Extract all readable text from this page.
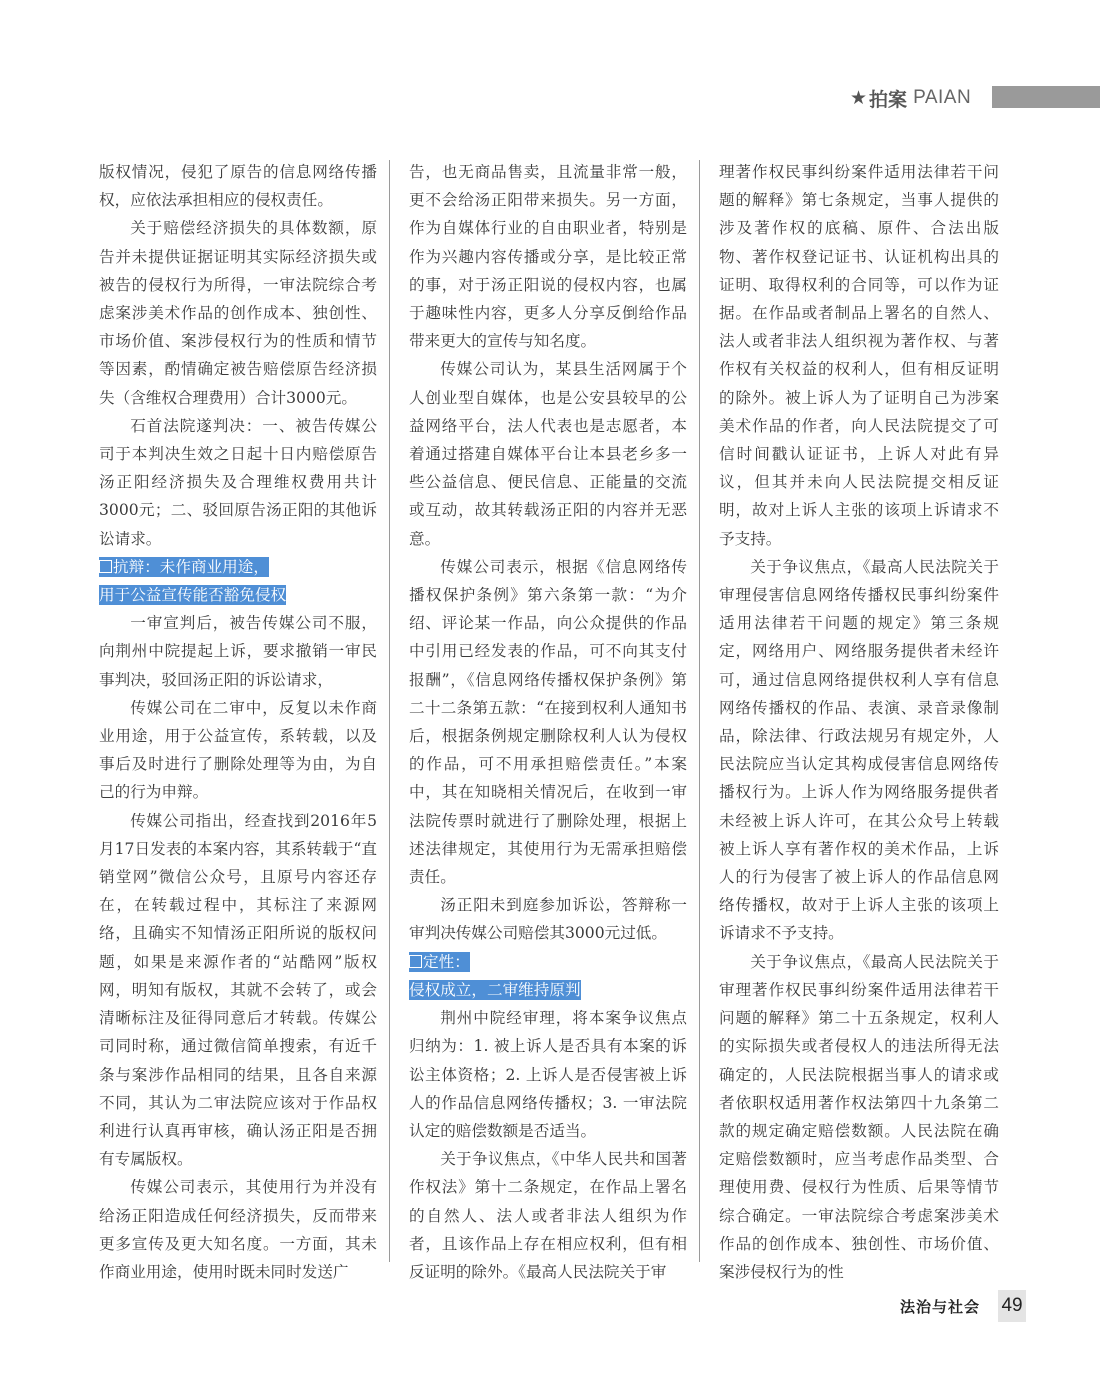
★ 拍案 PAIAN

版权情况，侵犯了原告的信息网络传播权，应依法承担相应的侵权责任。

关于赔偿经济损失的具体数额，原告并未提供证据证明其实际经济损失或被告的侵权行为所得，一审法院综合考虑案涉美术作品的创作成本、独创性、市场价值、案涉侵权行为的性质和情节等因素，酌情确定被告赔偿原告经济损失（含维权合理费用）合计3000元。

石首法院遂判决：一、被告传媒公司于本判决生效之日起十日内赔偿原告汤正阳经济损失及合理维权费用共计3000元；二、驳回原告汤正阳的其他诉讼请求。

抗辩：未作商业用途，
用于公益宣传能否豁免侵权

一审宣判后，被告传媒公司不服，向荆州中院提起上诉，要求撤销一审民事判决，驳回汤正阳的诉讼请求，

传媒公司在二审中，反复以未作商业用途，用于公益宣传，系转载，以及事后及时进行了删除处理等为由，为自己的行为申辩。

传媒公司指出，经查找到2016年5月17日发表的本案内容，其系转载于“直销堂网”微信公众号，且原号内容还存在，在转载过程中，其标注了来源网络，且确实不知情汤正阳所说的版权问题，如果是来源作者的“站酷网”版权网，明知有版权，其就不会转了，或会清晰标注及征得同意后才转载。传媒公司同时称，通过微信简单搜索，有近千条与案涉作品相同的结果，且各自来源不同，其认为二审法院应该对于作品权利进行认真再审核，确认汤正阳是否拥有专属版权。

传媒公司表示，其使用行为并没有给汤正阳造成任何经济损失，反而带来更多宣传及更大知名度。一方面，其未作商业用途，使用时既未同时发送广

告，也无商品售卖，且流量非常一般，更不会给汤正阳带来损失。另一方面，作为自媒体行业的自由职业者，特别是作为兴趣内容传播或分享，是比较正常的事，对于汤正阳说的侵权内容，也属于趣味性内容，更多人分享反倒给作品带来更大的宣传与知名度。

传媒公司认为，某县生活网属于个人创业型自媒体，也是公安县较早的公益网络平台，法人代表也是志愿者，本着通过搭建自媒体平台让本县老乡多一些公益信息、便民信息、正能量的交流或互动，故其转载汤正阳的内容并无恶意。

传媒公司表示，根据《信息网络传播权保护条例》第六条第一款：“为介绍、评论某一作品，向公众提供的作品中引用已经发表的作品，可不向其支付报酬”，《信息网络传播权保护条例》第二十二条第五款：“在接到权利人通知书后，根据条例规定删除权利人认为侵权的作品，可不用承担赔偿责任。”本案中，其在知晓相关情况后，在收到一审法院传票时就进行了删除处理，根据上述法律规定，其使用行为无需承担赔偿责任。

汤正阳未到庭参加诉讼，答辩称一审判决传媒公司赔偿其3000元过低。

定性：
侵权成立，二审维持原判

荆州中院经审理，将本案争议焦点归纳为：1. 被上诉人是否具有本案的诉讼主体资格；2. 上诉人是否侵害被上诉人的作品信息网络传播权；3. 一审法院认定的赔偿数额是否适当。

关于争议焦点，《中华人民共和国著作权法》第十二条规定，在作品上署名的自然人、法人或者非法人组织为作者，且该作品上存在相应权利，但有相反证明的除外。《最高人民法院关于审

理著作权民事纠纷案件适用法律若干问题的解释》第七条规定，当事人提供的涉及著作权的底稿、原件、合法出版物、著作权登记证书、认证机构出具的证明、取得权利的合同等，可以作为证据。在作品或者制品上署名的自然人、法人或者非法人组织视为著作权、与著作权有关权益的权利人，但有相反证明的除外。被上诉人为了证明自己为涉案美术作品的作者，向人民法院提交了可信时间戳认证证书，上诉人对此有异议，但其并未向人民法院提交相反证明，故对上诉人主张的该项上诉请求不予支持。

关于争议焦点，《最高人民法院关于审理侵害信息网络传播权民事纠纷案件适用法律若干问题的规定》第三条规定，网络用户、网络服务提供者未经许可，通过信息网络提供权利人享有信息网络传播权的作品、表演、录音录像制品，除法律、行政法规另有规定外，人民法院应当认定其构成侵害信息网络传播权行为。上诉人作为网络服务提供者未经被上诉人许可，在其公众号上转载被上诉人享有著作权的美术作品，上诉人的行为侵害了被上诉人的作品信息网络传播权，故对于上诉人主张的该项上诉请求不予支持。

关于争议焦点，《最高人民法院关于审理著作权民事纠纷案件适用法律若干问题的解释》第二十五条规定，权利人的实际损失或者侵权人的违法所得无法确定的，人民法院根据当事人的请求或者依职权适用著作权法第四十九条第二款的规定确定赔偿数额。人民法院在确定赔偿数额时，应当考虑作品类型、合理使用费、侵权行为性质、后果等情节综合确定。一审法院综合考虑案涉美术作品的创作成本、独创性、市场价值、案涉侵权行为的性

法治与社会 49
